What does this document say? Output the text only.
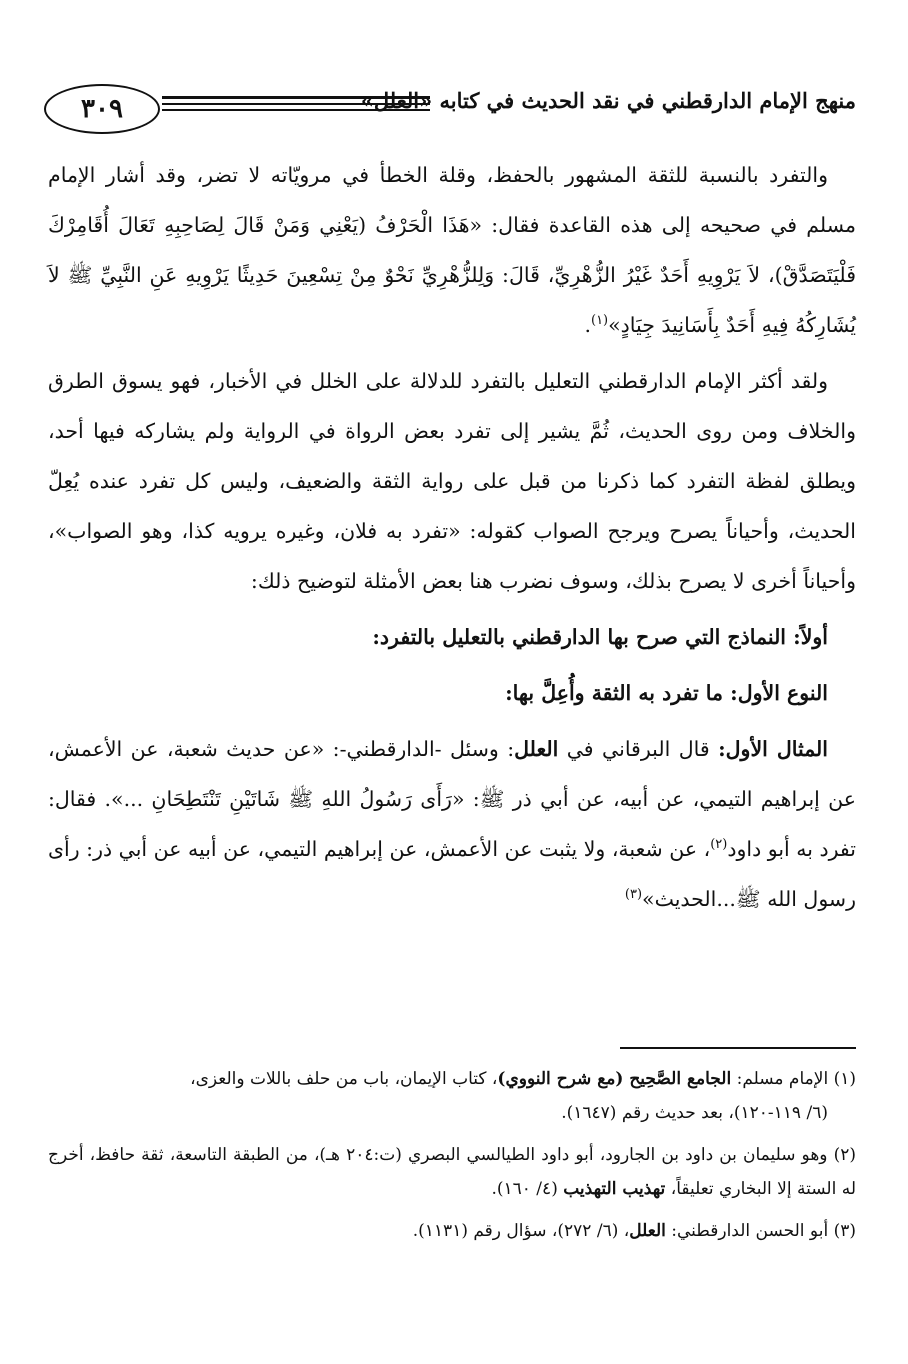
٣٠٩	منهج الإمام الدارقطني في نقد الحديث في كتابه «العلل»

والتفرد بالنسبة للثقة المشهور بالحفظ، وقلة الخطأ في مرويّاته لا تضر، وقد أشار الإمام مسلم في صحيحه إلى هذه القاعدة فقال: «هَذَا الْحَرْفُ (يَعْنِي وَمَنْ قَالَ لِصَاحِبِهِ تَعَالَ أُقَامِرْكَ فَلْيَتَصَدَّقْ)، لاَ يَرْوِيهِ أَحَدٌ غَيْرُ الزُّهْرِيِّ، قَالَ: وَلِلزُّهْرِيِّ نَحْوٌ مِنْ تِسْعِينَ حَدِيثًا يَرْوِيهِ عَنِ النَّبِيِّ ﷺ لاَ يُشَارِكُهُ فِيهِ أَحَدٌ بِأَسَانِيدَ جِيَادٍ»$^{(١)}$.

ولقد أكثر الإمام الدارقطني التعليل بالتفرد للدلالة على الخلل في الأخبار، فهو يسوق الطرق والخلاف ومن روى الحديث، ثُمَّ يشير إلى تفرد بعض الرواة في الرواية ولم يشاركه فيها أحد، ويطلق لفظة التفرد كما ذكرنا من قبل على رواية الثقة والضعيف، وليس كل تفرد عنده يُعِلّ الحديث، وأحياناً يصرح ويرجح الصواب كقوله: «تفرد به فلان، وغيره يرويه كذا، وهو الصواب»، وأحياناً أخرى لا يصرح بذلك، وسوف نضرب هنا بعض الأمثلة لتوضيح ذلك:

أولاً: النماذج التي صرح بها الدارقطني بالتعليل بالتفرد:

النوع الأول: ما تفرد به الثقة وأُعِلَّ بها:

المثال الأول: قال البرقاني في العلل: وسئل -الدارقطني-: «عن حديث شعبة، عن الأعمش، عن إبراهيم التيمي، عن أبيه، عن أبي ذر ﷺ: «رَأَى رَسُولُ اللهِ ﷺ شَاتَيْنِ تَنْتَطِحَانِ ...». فقال: تفرد به أبو داود$^{(٢)}$، عن شعبة، ولا يثبت عن الأعمش، عن إبراهيم التيمي، عن أبيه عن أبي ذر: رأى رسول الله ﷺ...الحديث»$^{(٣)}$

(١) الإمام مسلم: الجامع الصَّحِيح (مع شرح النووي)، كتاب الإيمان، باب من حلف باللات والعزى،

(٦/ ١١٩-١٢٠)، بعد حديث رقم (١٦٤٧).

(٢) وهو سليمان بن داود بن الجارود، أبو داود الطيالسي البصري (ت:٢٠٤ هـ)، من الطبقة التاسعة، ثقة حافظ، أخرج له الستة إلا البخاري تعليقاً، تهذيب التهذيب (٤/ ١٦٠).

(٣) أبو الحسن الدارقطني: العلل، (٦/ ٢٧٢)، سؤال رقم (١١٣١).
